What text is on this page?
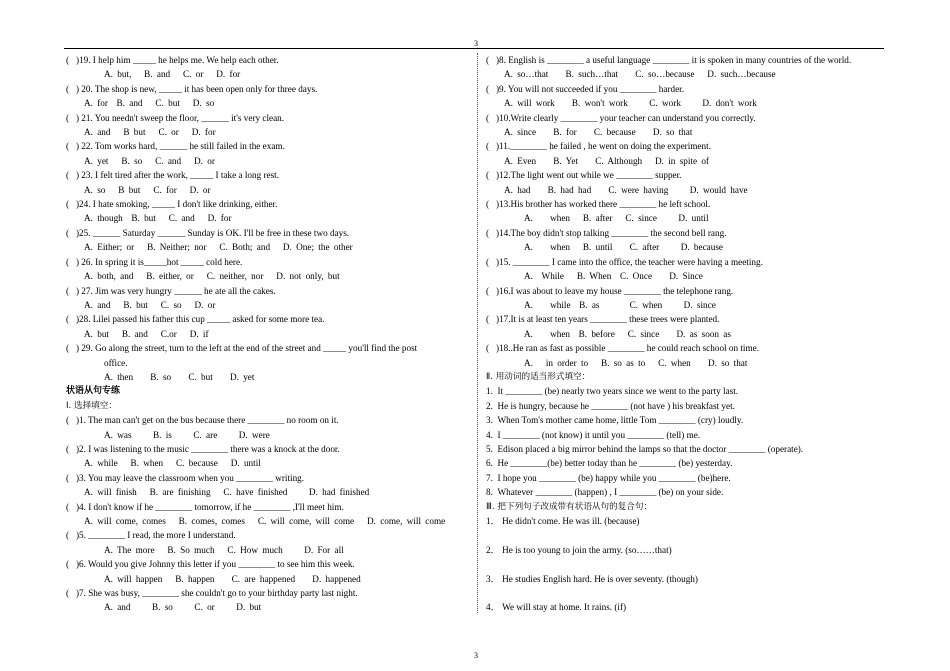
3
(   )19. I help him _____ he helps me. We help each other.
A. but,   B. and   C. or   D. for
(   ) 20. The shop is new, _____ it has been open only for three days.
A. for  B. and   C. but   D. so
(   ) 21. You needn't sweep the floor, ______ it's very clean.
A. and   B but   C. or   D. for
(   ) 22. Tom works hard, ______ he still failed in the exam.
A. yet   B. so   C. and   D. or
(   ) 23. I felt tired after the work, _____ I take a long rest.
A. so   B but   C. for   D. or
(   )24. I hate smoking, _____ I don't like drinking, either.
A. though  B. but   C. and   D. for
(   )25. ______ Saturday ______ Sunday is OK. I'll be free in these two days.
A. Either; or   B. Neither; nor   C. Both; and   D. One; the other
(   ) 26. In spring it is_____hot _____ cold here.
A. both, and   B. either, or   C. neither, nor   D. not only, but
(   ) 27. Jim was very hungry ______ he ate all the cakes.
A. and   B. but   C. so   D. or
(   )28. Lilei passed his father this cup _____ asked for some more tea.
A. but   B. and   C.or   D. if
(   ) 29. Go along the street, turn to the left at the end of the street and _____ you'll find the post
office.
A. then    B. so    C. but    D. yet
状语从句专练
Ⅰ. 选择填空：
(   )1. The man can't get on the bus because there ________ no room on it.
A. was     B. is     C. are     D. were
(   )2. I was listening to the music ________ there was a knock at the door.
A. while   B. when   C. because   D. until
(   )3. You may leave the classroom when you ________ writing.
A. will finish   B. are finishing   C. have finished     D. had finished
(   )4. I don't know if he ________ tomorrow, if he ________ ,I'll meet him.
A. will come, comes   B. comes, comes   C. will come, will come   D. come, will come
(   )5. ________ I read, the more I understand.
A. The more   B. So much   C. How much     D. For all
(   )6. Would you give Johnny this letter if you ________ to see him this week.
A. will happen   B. happen    C. are happened    D. happened
(   )7. She was busy, ________ she couldn't go to your birthday party last night.
A. and     B. so     C. or     D. but
(   )8. English is ________ a useful language ________ it is spoken in many countries of the world.
A. so…that    B. such…that    C. so…because   D. such…because
(   )9. You will not succeeded if you ________ harder.
A. will work    B. won't work     C. work     D. don't work
(   )10.Write clearly ________ your teacher can understand you correctly.
A. since    B. for    C. because    D. so that
(   )11.________ he failed , he went on doing the experiment.
A. Even    B. Yet    C. Although   D. in spite of
(   )12.The light went out while we ________ supper.
A. had    B. had had    C. were having     D. would have
(   )13.His brother has worked there ________ he left school.
A.    when   B. after   C. since     D. until
(   )14.The boy didn't stop talking ________ the second bell rang.
A.    when   B. until    C. after     D. because
(   )15. ________ I came into the office, the teacher were having a meeting.
A.  While   B. When  C. Once    D. Since
(   )16.I was about to leave my house ________ the telephone rang.
A.    while  B. as       C. when     D. since
(   )17.It is at least ten years ________ these trees were planted.
A.    when  B. before   C. since    D. as soon as
(   )18..He ran as fast as possible ________ he could reach school on time.
A.   in order to   B. so as to   C. when    D. so that
Ⅱ. 用动词的适当形式填空：
1.  It ________ (be) nearly two years since we went to the party last.
2.  He is hungry, because he ________ (not have ) his breakfast yet.
3.  When Tom's mother came home, little Tom ________ (cry) loudly.
4.  I ________ (not know) it until you ________ (tell) me.
5.  Edison placed a big mirror behind the lamps so that the doctor ________ (operate).
6.  He ________(be) better today than he ________ (be) yesterday.
7.  I hope you ________ (be) happy while you ________ (be)here.
8.  Whatever ________ (happen) , I ________ (be) on your side.
Ⅲ. 把下列句子改成带有状语从句的复合句：
1． He didn't come. He was ill. (because)
2． He is too young to join the army. (so……that)
3． He studies English hard. He is over seventy. (though)
4． We will stay at home. It rains. (if)
3
